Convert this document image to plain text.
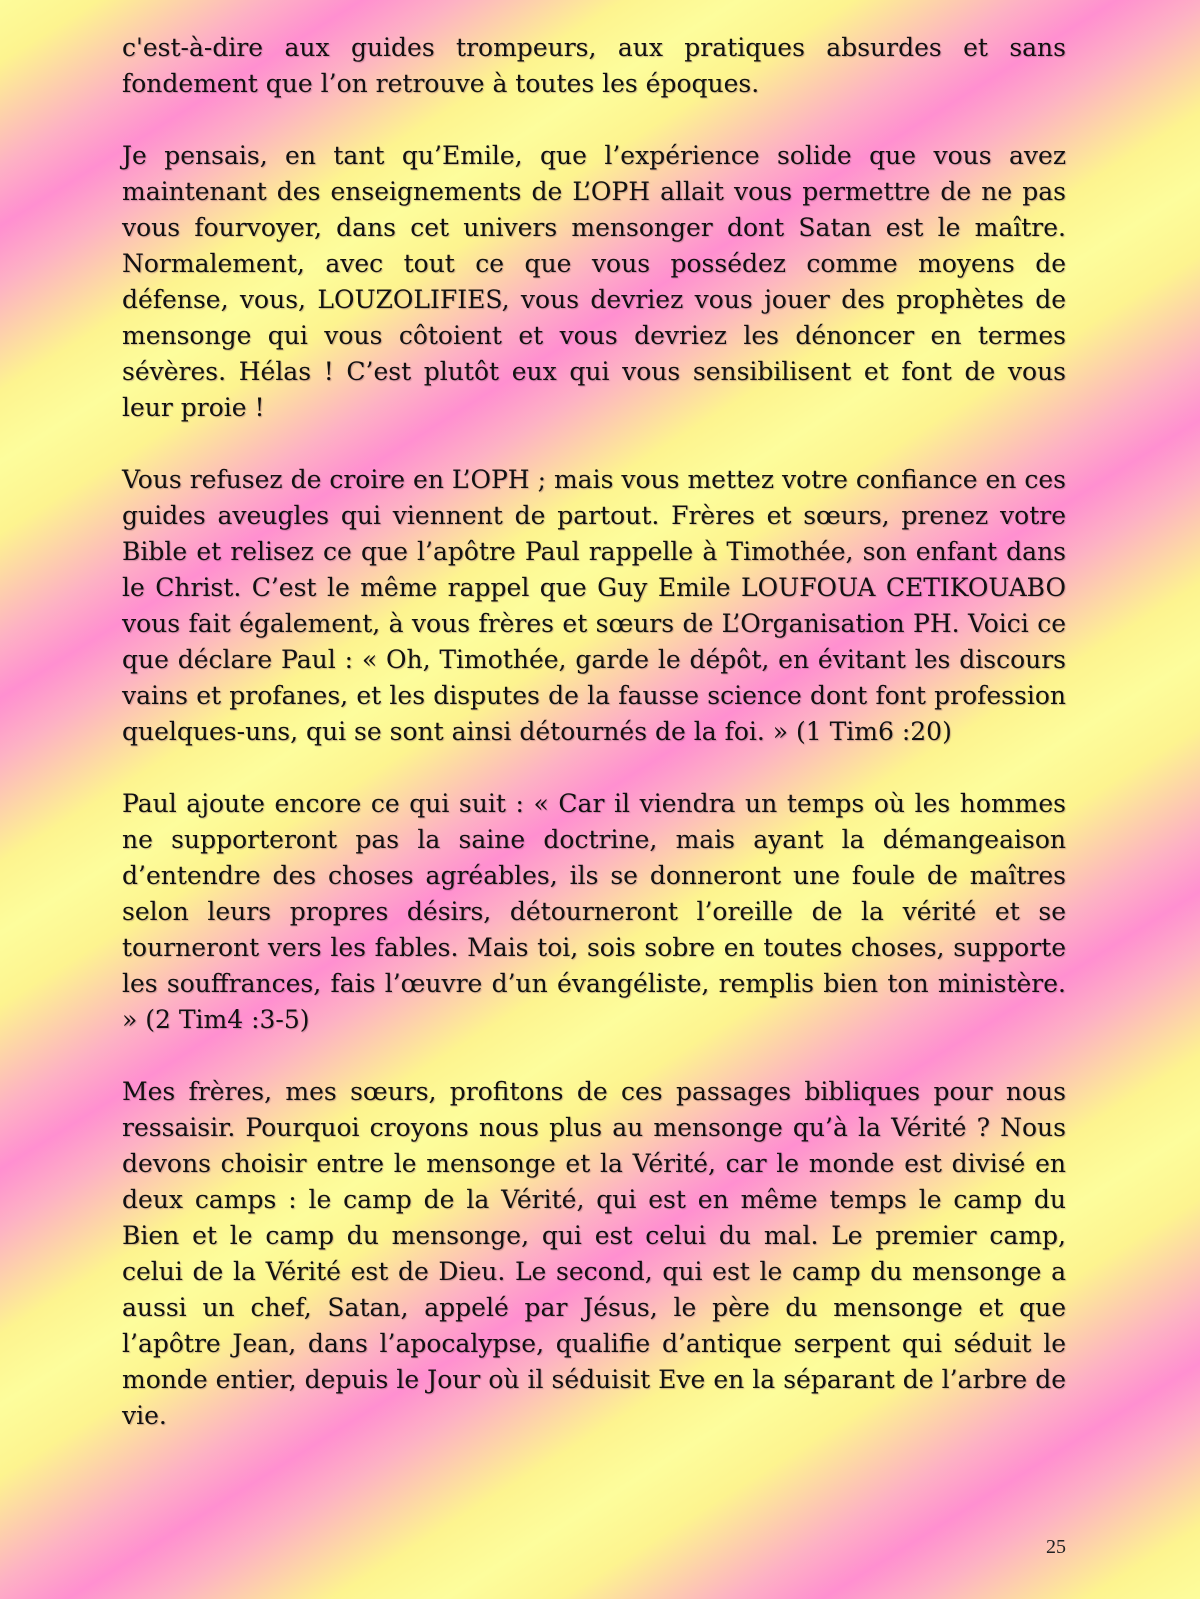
c'est-à-dire aux guides trompeurs, aux pratiques absurdes et sans fondement que l’on retrouve à toutes les époques.

Je pensais, en tant qu’Emile, que l’expérience solide que vous avez maintenant des enseignements de L’OPH allait vous permettre de ne pas vous fourvoyer, dans cet univers mensonger dont Satan est le maître. Normalement, avec tout ce que vous possédez comme moyens de défense, vous, LOUZOLIFIES, vous devriez vous jouer des prophètes de mensonge qui vous côtoient et vous devriez les dénoncer en termes sévères. Hélas ! C’est plutôt eux qui vous sensibilisent et font de vous leur proie !

Vous refusez de croire en L’OPH ; mais vous mettez votre confiance en ces guides aveugles qui viennent de partout. Frères et sœurs, prenez votre Bible et relisez ce que l’apôtre Paul rappelle à Timothée, son enfant dans le Christ. C’est le même rappel que Guy Emile LOUFOUA CETIKOUABO vous fait également, à vous frères et sœurs de L’Organisation PH. Voici ce que déclare Paul : « Oh, Timothée, garde le dépôt, en évitant les discours vains et profanes, et les disputes de la fausse science dont font profession quelques-uns, qui se sont ainsi détournés de la foi. » (1 Tim6 :20)

Paul ajoute encore ce qui suit : « Car il viendra un temps où les hommes ne supporteront pas la saine doctrine, mais ayant la démangeaison d’entendre des choses agréables, ils se donneront une foule de maîtres selon leurs propres désirs, détourneront l’oreille de la vérité et se tourneront vers les fables. Mais toi, sois sobre en toutes choses, supporte les souffrances, fais l’œuvre d’un évangéliste, remplis bien ton ministère. » (2 Tim4 :3-5)

Mes frères, mes sœurs, profitons de ces passages bibliques pour nous ressaisir. Pourquoi croyons nous plus au mensonge qu’à la Vérité ? Nous devons choisir entre le mensonge et la Vérité, car le monde est divisé en deux camps : le camp de la Vérité, qui est en même temps le camp du Bien et le camp du mensonge, qui est celui du mal. Le premier camp, celui de la Vérité est de Dieu. Le second, qui est le camp du mensonge a aussi un chef, Satan, appelé par Jésus, le père du mensonge et que l’apôtre Jean, dans l’apocalypse, qualifie d’antique serpent qui séduit le monde entier, depuis le Jour où il séduisit Eve en la séparant de l’arbre de vie.

25
